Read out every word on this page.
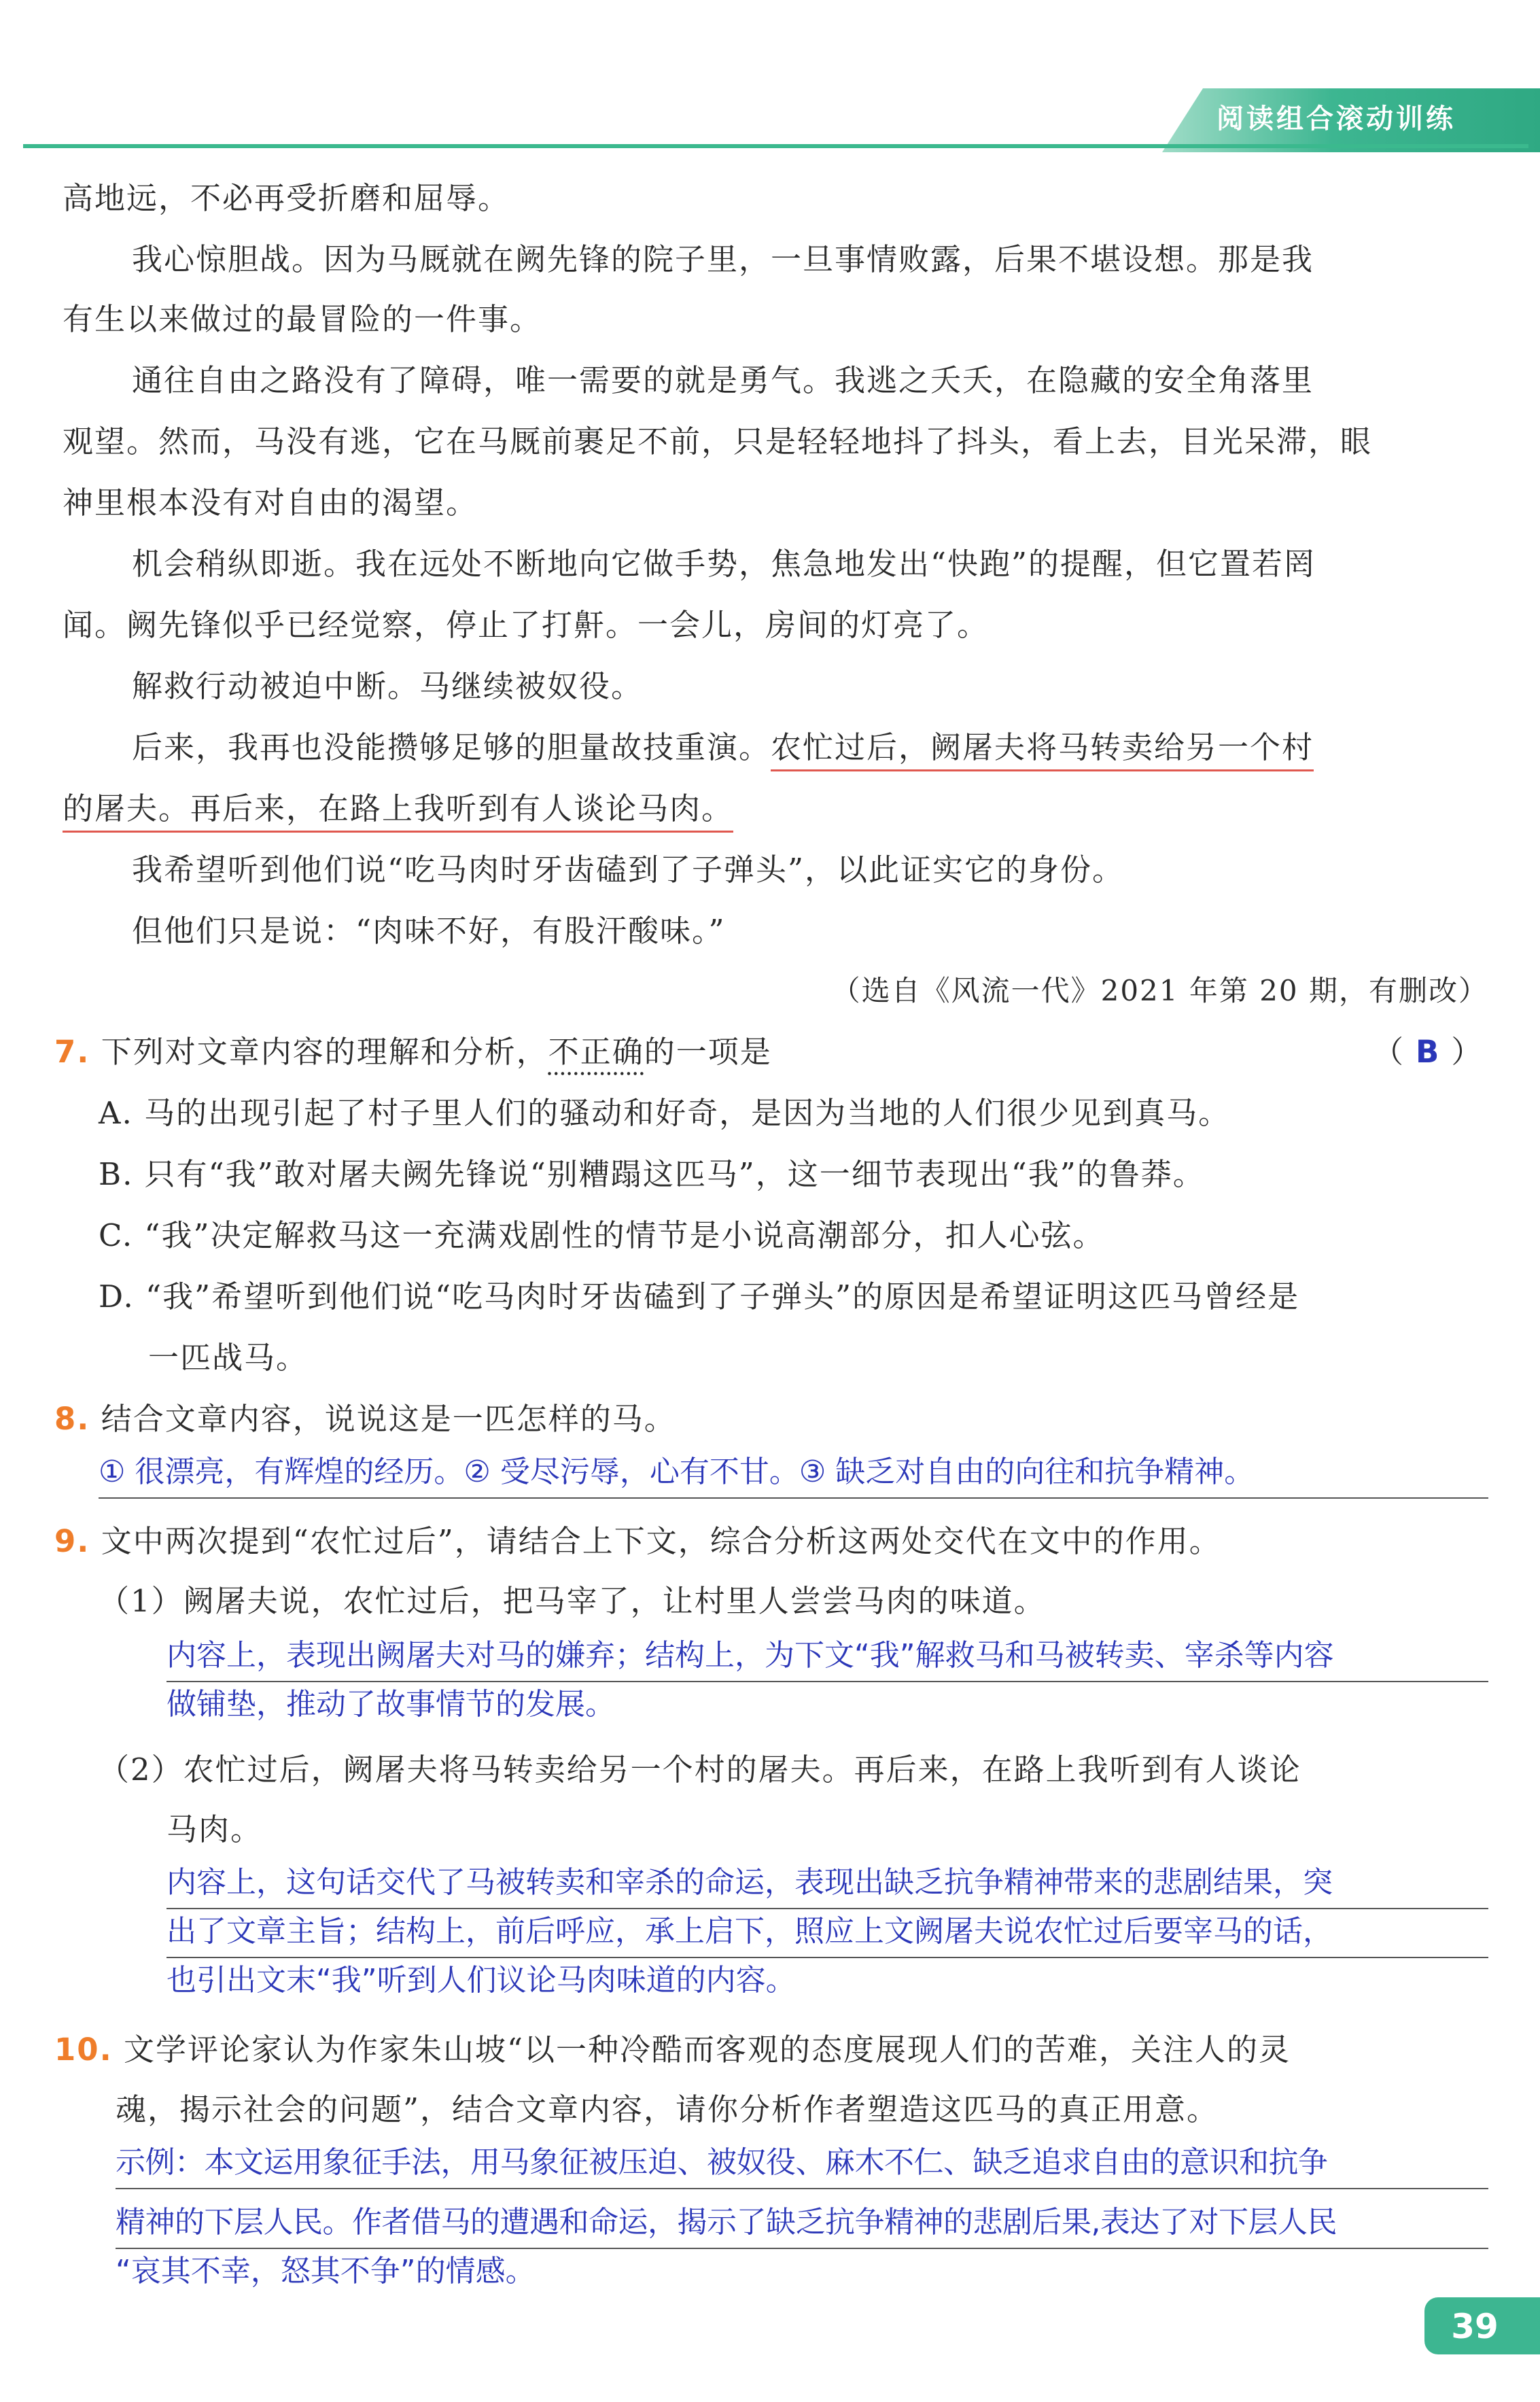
阅读组合滚动训练
高地远，不必再受折磨和屈辱。
我心惊胆战。因为马厩就在阙先锋的院子里，一旦事情败露，后果不堪设想。那是我
有生以来做过的最冒险的一件事。
通往自由之路没有了障碍，唯一需要的就是勇气。我逃之夭夭，在隐藏的安全角落里
观望。然而，马没有逃，它在马厩前裹足不前，只是轻轻地抖了抖头，看上去，目光呆滞，眼
神里根本没有对自由的渴望。
机会稍纵即逝。我在远处不断地向它做手势，焦急地发出“快跑”的提醒，但它置若罔
闻。阙先锋似乎已经觉察，停止了打鼾。一会儿，房间的灯亮了。
解救行动被迫中断。马继续被奴役。
后来，我再也没能攒够足够的胆量故技重演。农忙过后，阙屠夫将马转卖给另一个村
的屠夫。再后来，在路上我听到有人谈论马肉。
我希望听到他们说“吃马肉时牙齿磕到了子弹头”，以此证实它的身份。
但他们只是说：“肉味不好，有股汗酸味。”
（选自《风流一代》2021 年第 20 期，有删改）
7. 下列对文章内容的理解和分析，不正确的一项是	（ B ）
A. 马的出现引起了村子里人们的骚动和好奇，是因为当地的人们很少见到真马。
B. 只有“我”敢对屠夫阙先锋说“别糟蹋这匹马”，这一细节表现出“我”的鲁莽。
C. “我”决定解救马这一充满戏剧性的情节是小说高潮部分，扣人心弦。
D. “我”希望听到他们说“吃马肉时牙齿磕到了子弹头”的原因是希望证明这匹马曾经是
一匹战马。
8. 结合文章内容，说说这是一匹怎样的马。
① 很漂亮，有辉煌的经历。② 受尽污辱，心有不甘。③ 缺乏对自由的向往和抗争精神。
9. 文中两次提到“农忙过后”，请结合上下文，综合分析这两处交代在文中的作用。
（1）阙屠夫说，农忙过后，把马宰了，让村里人尝尝马肉的味道。
内容上，表现出阙屠夫对马的嫌弃；结构上，为下文“我”解救马和马被转卖、宰杀等内容
做铺垫，推动了故事情节的发展。
（2）农忙过后，阙屠夫将马转卖给另一个村的屠夫。再后来，在路上我听到有人谈论
马肉。
内容上，这句话交代了马被转卖和宰杀的命运，表现出缺乏抗争精神带来的悲剧结果，突
出了文章主旨；结构上，前后呼应，承上启下，照应上文阙屠夫说农忙过后要宰马的话，
也引出文末“我”听到人们议论马肉味道的内容。
10. 文学评论家认为作家朱山坡“以一种冷酷而客观的态度展现人们的苦难，关注人的灵
魂，揭示社会的问题”，结合文章内容，请你分析作者塑造这匹马的真正用意。
示例：本文运用象征手法，用马象征被压迫、被奴役、麻木不仁、缺乏追求自由的意识和抗争
精神的下层人民。作者借马的遭遇和命运，揭示了缺乏抗争精神的悲剧后果,表达了对下层人民
“哀其不幸，怒其不争”的情感。
39
